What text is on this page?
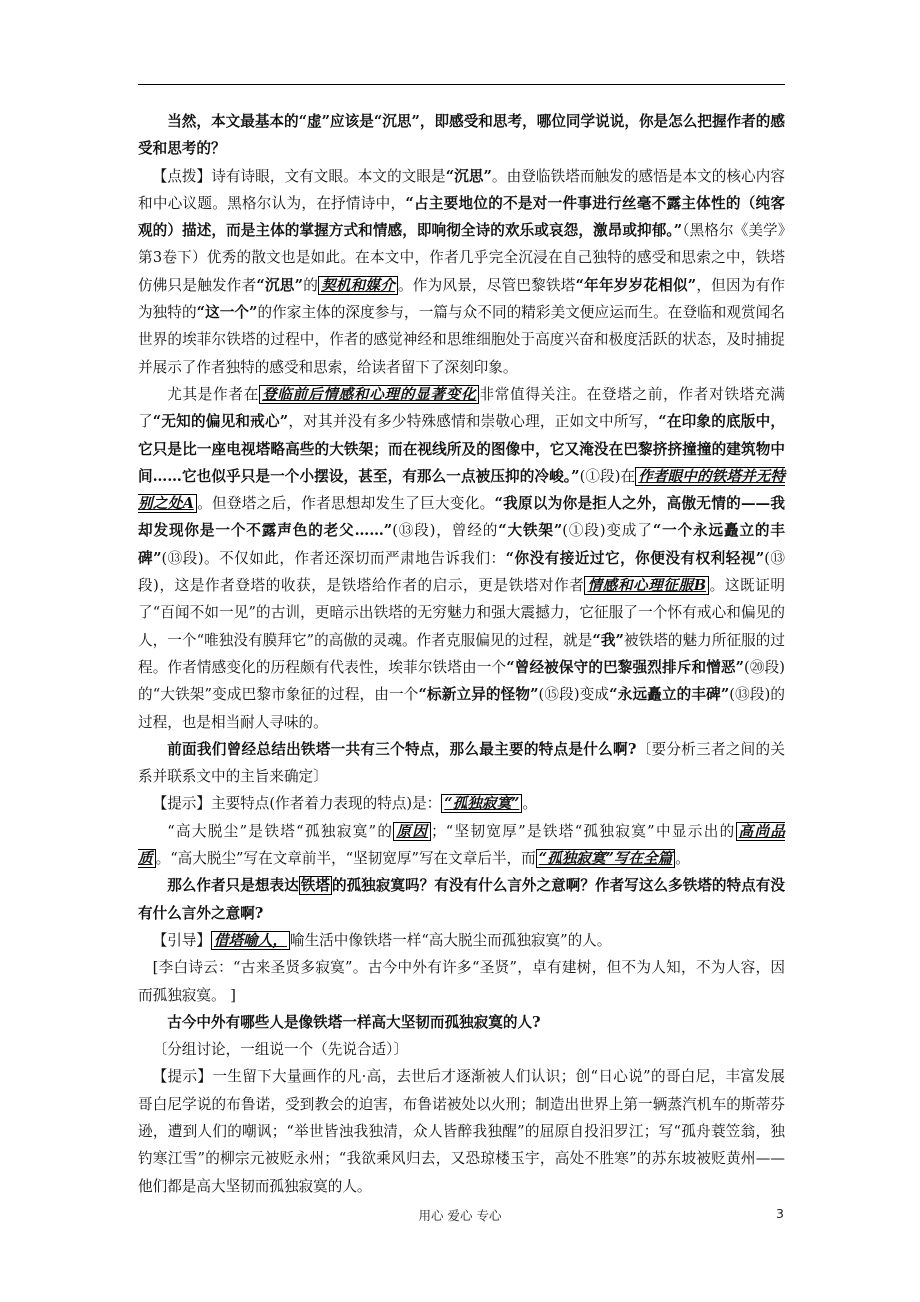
当然，本文最基本的“虚”应该是“沉思”，即感受和思考，哪位同学说说，你是怎么把握作者的感受和思考的？

【点拨】诗有诗眼，文有文眼。本文的文眼是“沉思”。由登临铁塔而触发的感悟是本文的核心内容和中心议题。黑格尔认为，在抒情诗中，“占主要地位的不是对一件事进行丝毫不露主体性的（纯客观的）描述，而是主体的掌握方式和情感，即响彻全诗的欢乐或哀怨，激昂或抑郁。”（黑格尔《美学》第3卷下）优秀的散文也是如此。在本文中，作者几乎完全沉浸在自己独特的感受和思索之中，铁塔仿佛只是触发作者“沉思”的 契机和媒介 。作为风景，尽管巴黎铁塔“年年岁岁花相似”，但因为有作为独特的“这一个”的作家主体的深度参与，一篇与众不同的精彩美文便应运而生。在登临和观赏闻名世界的埃菲尔铁塔的过程中，作者的感觉神经和思维细胞处于高度兴奋和极度活跃的状态，及时捕捉并展示了作者独特的感受和思索，给读者留下了深刻印象。

尤其是作者在 登临前后情感和心理的显著变化 非常值得关注。在登塔之前，作者对铁塔充满了“无知的偏见和戒心”，对其并没有多少特殊感情和崇敬心理，正如文中所写，“在印象的底版中，它只是比一座电视塔略高些的大铁架；而在视线所及的图像中，它又淹没在巴黎挤挤撞撞的建筑物中间……它也似乎只是一个小摆设，甚至，有那么一点被压抑的冷峻。”(①段)在 作者眼中的铁塔并无特别之处A 。但登塔之后，作者思想却发生了巨大变化。“我原以为你是拒人之外，高傲无情的——我却发现你是一个不露声色的老父……”(⑬段)，曾经的“大铁架”(①段)变成了“一个永远矗立的丰碑”(⑬段)。不仅如此，作者还深切而严肃地告诉我们：“你没有接近过它，你便没有权利轻视”(⑬段)，这是作者登塔的收获，是铁塔给作者的启示，更是铁塔对作者 情感和心理征服B 。这既证明了“百闻不如一见”的古训，更暗示出铁塔的无穷魅力和强大震撼力，它征服了一个怀有戒心和偏见的人，一个“唯独没有膜拜它”的高傲的灵魂。作者克服偏见的过程，就是“我”被铁塔的魅力所征服的过程。作者情感变化的历程颇有代表性，埃菲尔铁塔由一个“曾经被保守的巴黎强烈排斥和憎恶”(⑳段)的“大铁架”变成巴黎市象征的过程，由一个“标新立异的怪物”(⑮段)变成“永远矗立的丰碑”(⑬段)的过程，也是相当耐人寻味的。

前面我们曾经总结出铁塔一共有三个特点，那么最主要的特点是什么啊?〔要分析三者之间的关系并联系文中的主旨来确定〕

【提示】主要特点(作者着力表现的特点)是： “孤独寂寞” 。

“高大脱尘”是铁塔“孤独寂寞”的 原因 ；“坚韧宽厚”是铁塔“孤独寂寞”中显示出的 高尚品质 。“高大脱尘”写在文章前半，“坚韧宽厚”写在文章后半，而 “孤独寂寞”写在全篇 。

那么作者只是想表达 铁塔 的孤独寂寞吗？有没有什么言外之意啊？作者写这么多铁塔的特点有没有什么言外之意啊?

【引导】 借塔喻人， 喻生活中像铁塔一样“高大脱尘而孤独寂寞”的人。

[李白诗云：“古来圣贤多寂寞”。古今中外有许多“圣贤”，卓有建树，但不为人知，不为人容，因而孤独寂寞。 ]

古今中外有哪些人是像铁塔一样高大坚韧而孤独寂寞的人?

〔分组讨论，一组说一个（先说合适）〕

【提示】一生留下大量画作的凡·高，去世后才逐渐被人们认识；创“日心说”的哥白尼，丰富发展哥白尼学说的布鲁诺，受到教会的迫害，布鲁诺被处以火刑；制造出世界上第一辆蒸汽机车的斯蒂芬逊，遭到人们的嘲讽；“举世皆浊我独清，众人皆醉我独醒”的屈原自投汨罗江；写“孤舟蓑笠翁，独钓寒江雪”的柳宗元被贬永州；“我欲乘风归去，又恐琼楼玉宇，高处不胜寒”的苏东坡被贬黄州——他们都是高大坚韧而孤独寂寞的人。

用心 爱心 专心	3
